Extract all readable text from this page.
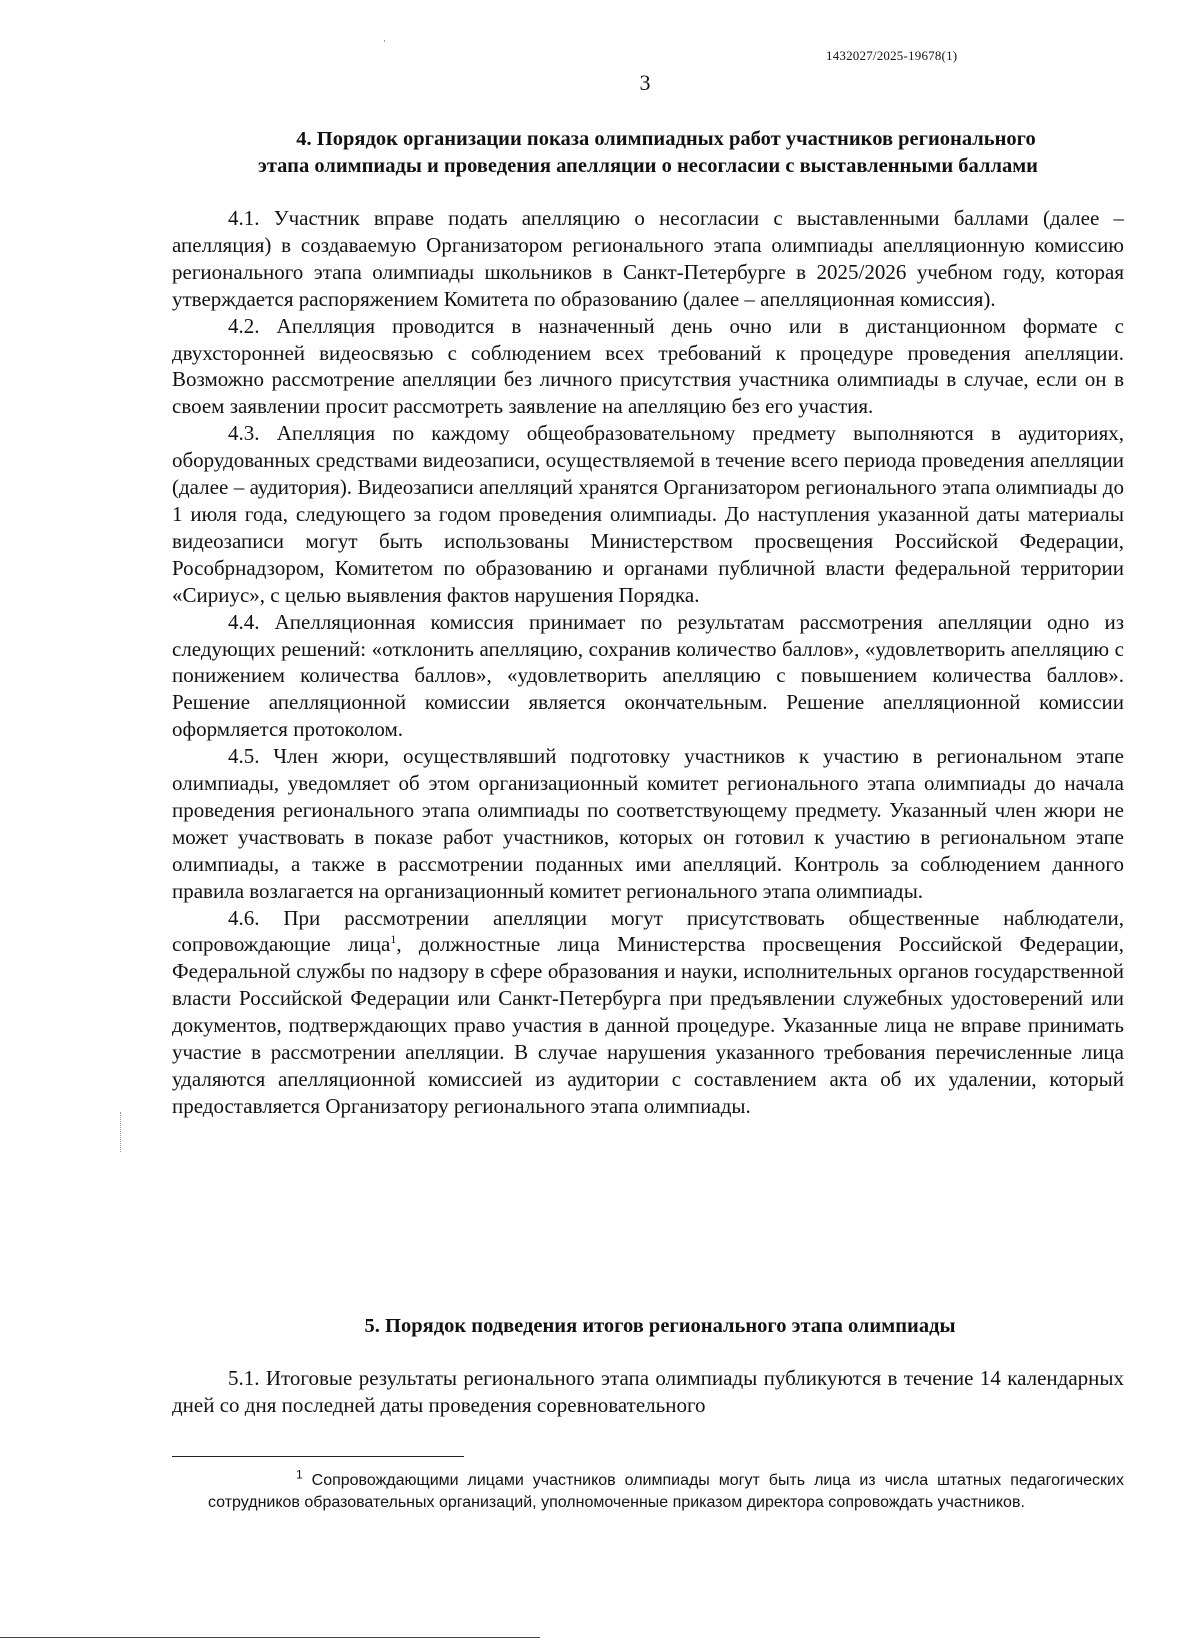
1432027/2025-19678(1)
3
4. Порядок организации показа олимпиадных работ участников регионального
этапа олимпиады и проведения апелляции о несогласии с выставленными баллами

4.1. Участник вправе подать апелляцию о несогласии с выставленными баллами (далее – апелляция) в создаваемую Организатором регионального этапа олимпиады апелляционную комиссию регионального этапа олимпиады школьников в Санкт-Петербурге в 2025/2026 учебном году, которая утверждается распоряжением Комитета по образованию (далее – апелляционная комиссия).

4.2. Апелляция проводится в назначенный день очно или в дистанционном формате с двухсторонней видеосвязью с соблюдением всех требований к процедуре проведения апелляции. Возможно рассмотрение апелляции без личного присутствия участника олимпиады в случае, если он в своем заявлении просит рассмотреть заявление на апелляцию без его участия.

4.3. Апелляция по каждому общеобразовательному предмету выполняются в аудиториях, оборудованных средствами видеозаписи, осуществляемой в течение всего периода проведения апелляции (далее – аудитория). Видеозаписи апелляций хранятся Организатором регионального этапа олимпиады до 1 июля года, следующего за годом проведения олимпиады. До наступления указанной даты материалы видеозаписи могут быть использованы Министерством просвещения Российской Федерации, Рособрнадзором, Комитетом по образованию и органами публичной власти федеральной территории «Сириус», с целью выявления фактов нарушения Порядка.

4.4. Апелляционная комиссия принимает по результатам рассмотрения апелляции одно из следующих решений: «отклонить апелляцию, сохранив количество баллов», «удовлетворить апелляцию с понижением количества баллов», «удовлетворить апелляцию с повышением количества баллов». Решение апелляционной комиссии является окончательным. Решение апелляционной комиссии оформляется протоколом.

4.5. Член жюри, осуществлявший подготовку участников к участию в региональном этапе олимпиады, уведомляет об этом организационный комитет регионального этапа олимпиады до начала проведения регионального этапа олимпиады по соответствующему предмету. Указанный член жюри не может участвовать в показе работ участников, которых он готовил к участию в региональном этапе олимпиады, а также в рассмотрении поданных ими апелляций. Контроль за соблюдением данного правила возлагается на организационный комитет регионального этапа олимпиады.

4.6. При рассмотрении апелляции могут присутствовать общественные наблюдатели, сопровождающие лица$^1$, должностные лица Министерства просвещения Российской Федерации, Федеральной службы по надзору в сфере образования и науки, исполнительных органов государственной власти Российской Федерации или Санкт-Петербурга при предъявлении служебных удостоверений или документов, подтверждающих право участия в данной процедуре. Указанные лица не вправе принимать участие в рассмотрении апелляции. В случае нарушения указанного требования перечисленные лица удаляются апелляционной комиссией из аудитории с составлением акта об их удалении, который предоставляется Организатору регионального этапа олимпиады.

5. Порядок подведения итогов регионального этапа олимпиады

5.1. Итоговые результаты регионального этапа олимпиады публикуются в течение 14 календарных дней со дня последней даты проведения соревновательного

$^1$ Сопровождающими лицами участников олимпиады могут быть лица из числа штатных педагогических сотрудников образовательных организаций, уполномоченные приказом директора сопровождать участников.
